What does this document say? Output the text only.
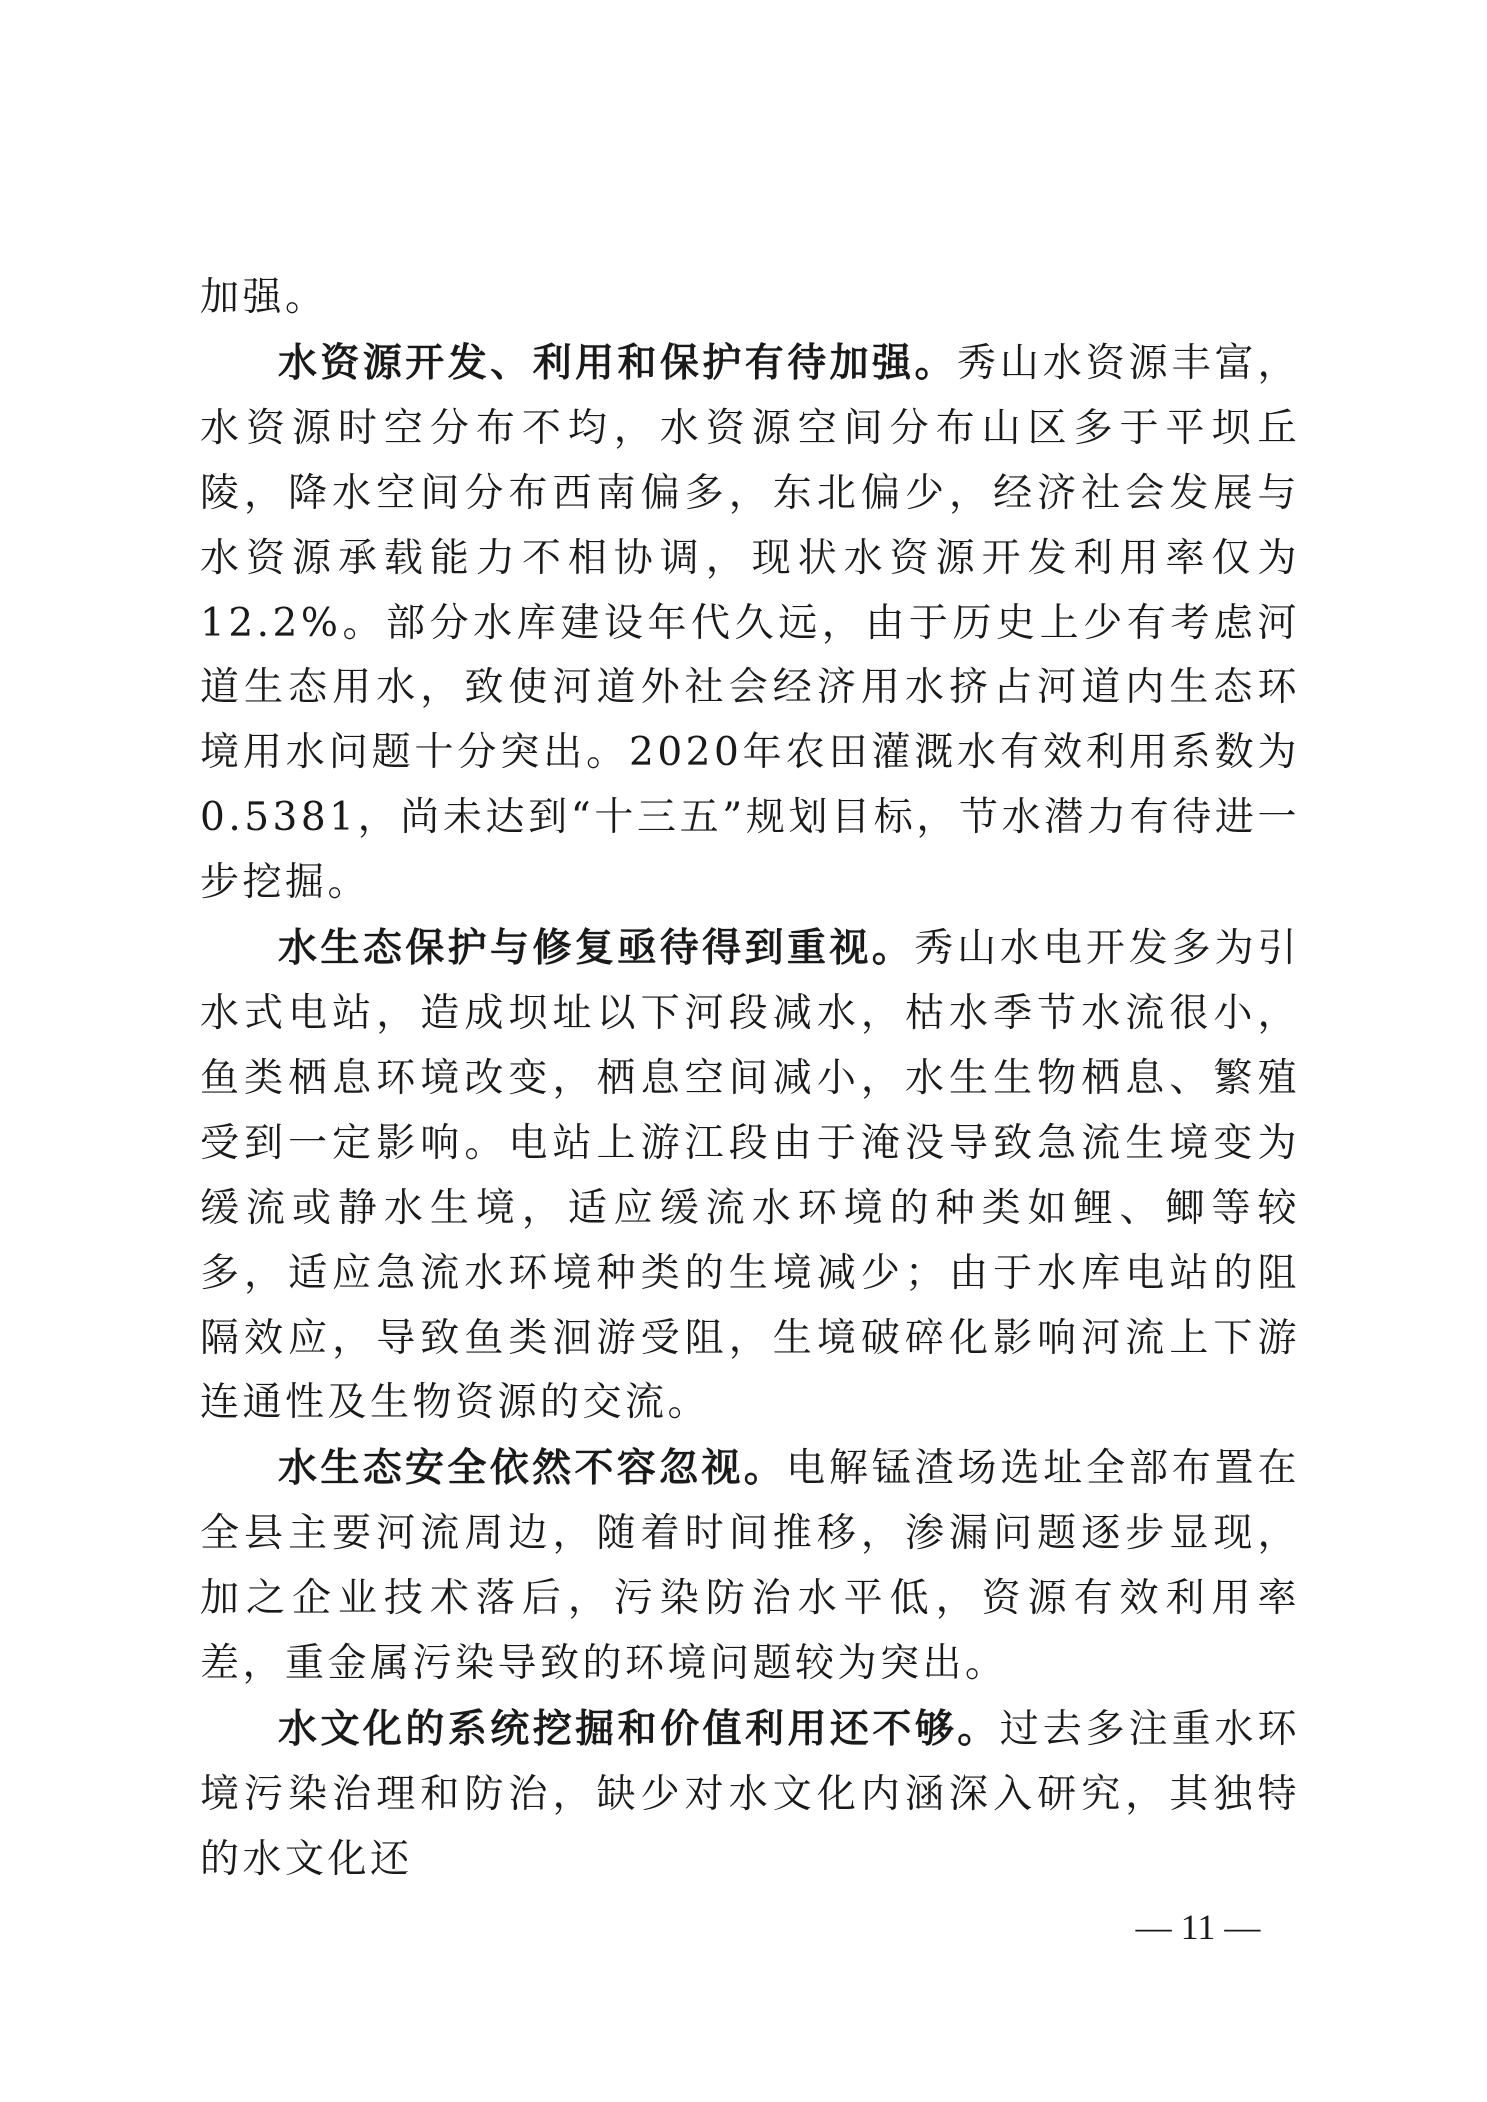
加强。

水资源开发、利用和保护有待加强。秀山水资源丰富，水资源时空分布不均，水资源空间分布山区多于平坝丘陵，降水空间分布西南偏多，东北偏少，经济社会发展与水资源承载能力不相协调，现状水资源开发利用率仅为12.2%。部分水库建设年代久远，由于历史上少有考虑河道生态用水，致使河道外社会经济用水挤占河道内生态环境用水问题十分突出。2020年农田灌溉水有效利用系数为0.5381，尚未达到“十三五”规划目标，节水潜力有待进一步挖掘。

水生态保护与修复亟待得到重视。秀山水电开发多为引水式电站，造成坝址以下河段减水，枯水季节水流很小，鱼类栖息环境改变，栖息空间减小，水生生物栖息、繁殖受到一定影响。电站上游江段由于淹没导致急流生境变为缓流或静水生境，适应缓流水环境的种类如鲤、鲫等较多，适应急流水环境种类的生境减少；由于水库电站的阻隔效应，导致鱼类洄游受阻，生境破碎化影响河流上下游连通性及生物资源的交流。

水生态安全依然不容忽视。电解锰渣场选址全部布置在全县主要河流周边，随着时间推移，渗漏问题逐步显现，加之企业技术落后，污染防治水平低，资源有效利用率差，重金属污染导致的环境问题较为突出。

水文化的系统挖掘和价值利用还不够。过去多注重水环境污染治理和防治，缺少对水文化内涵深入研究，其独特的水文化还

— 11 —
